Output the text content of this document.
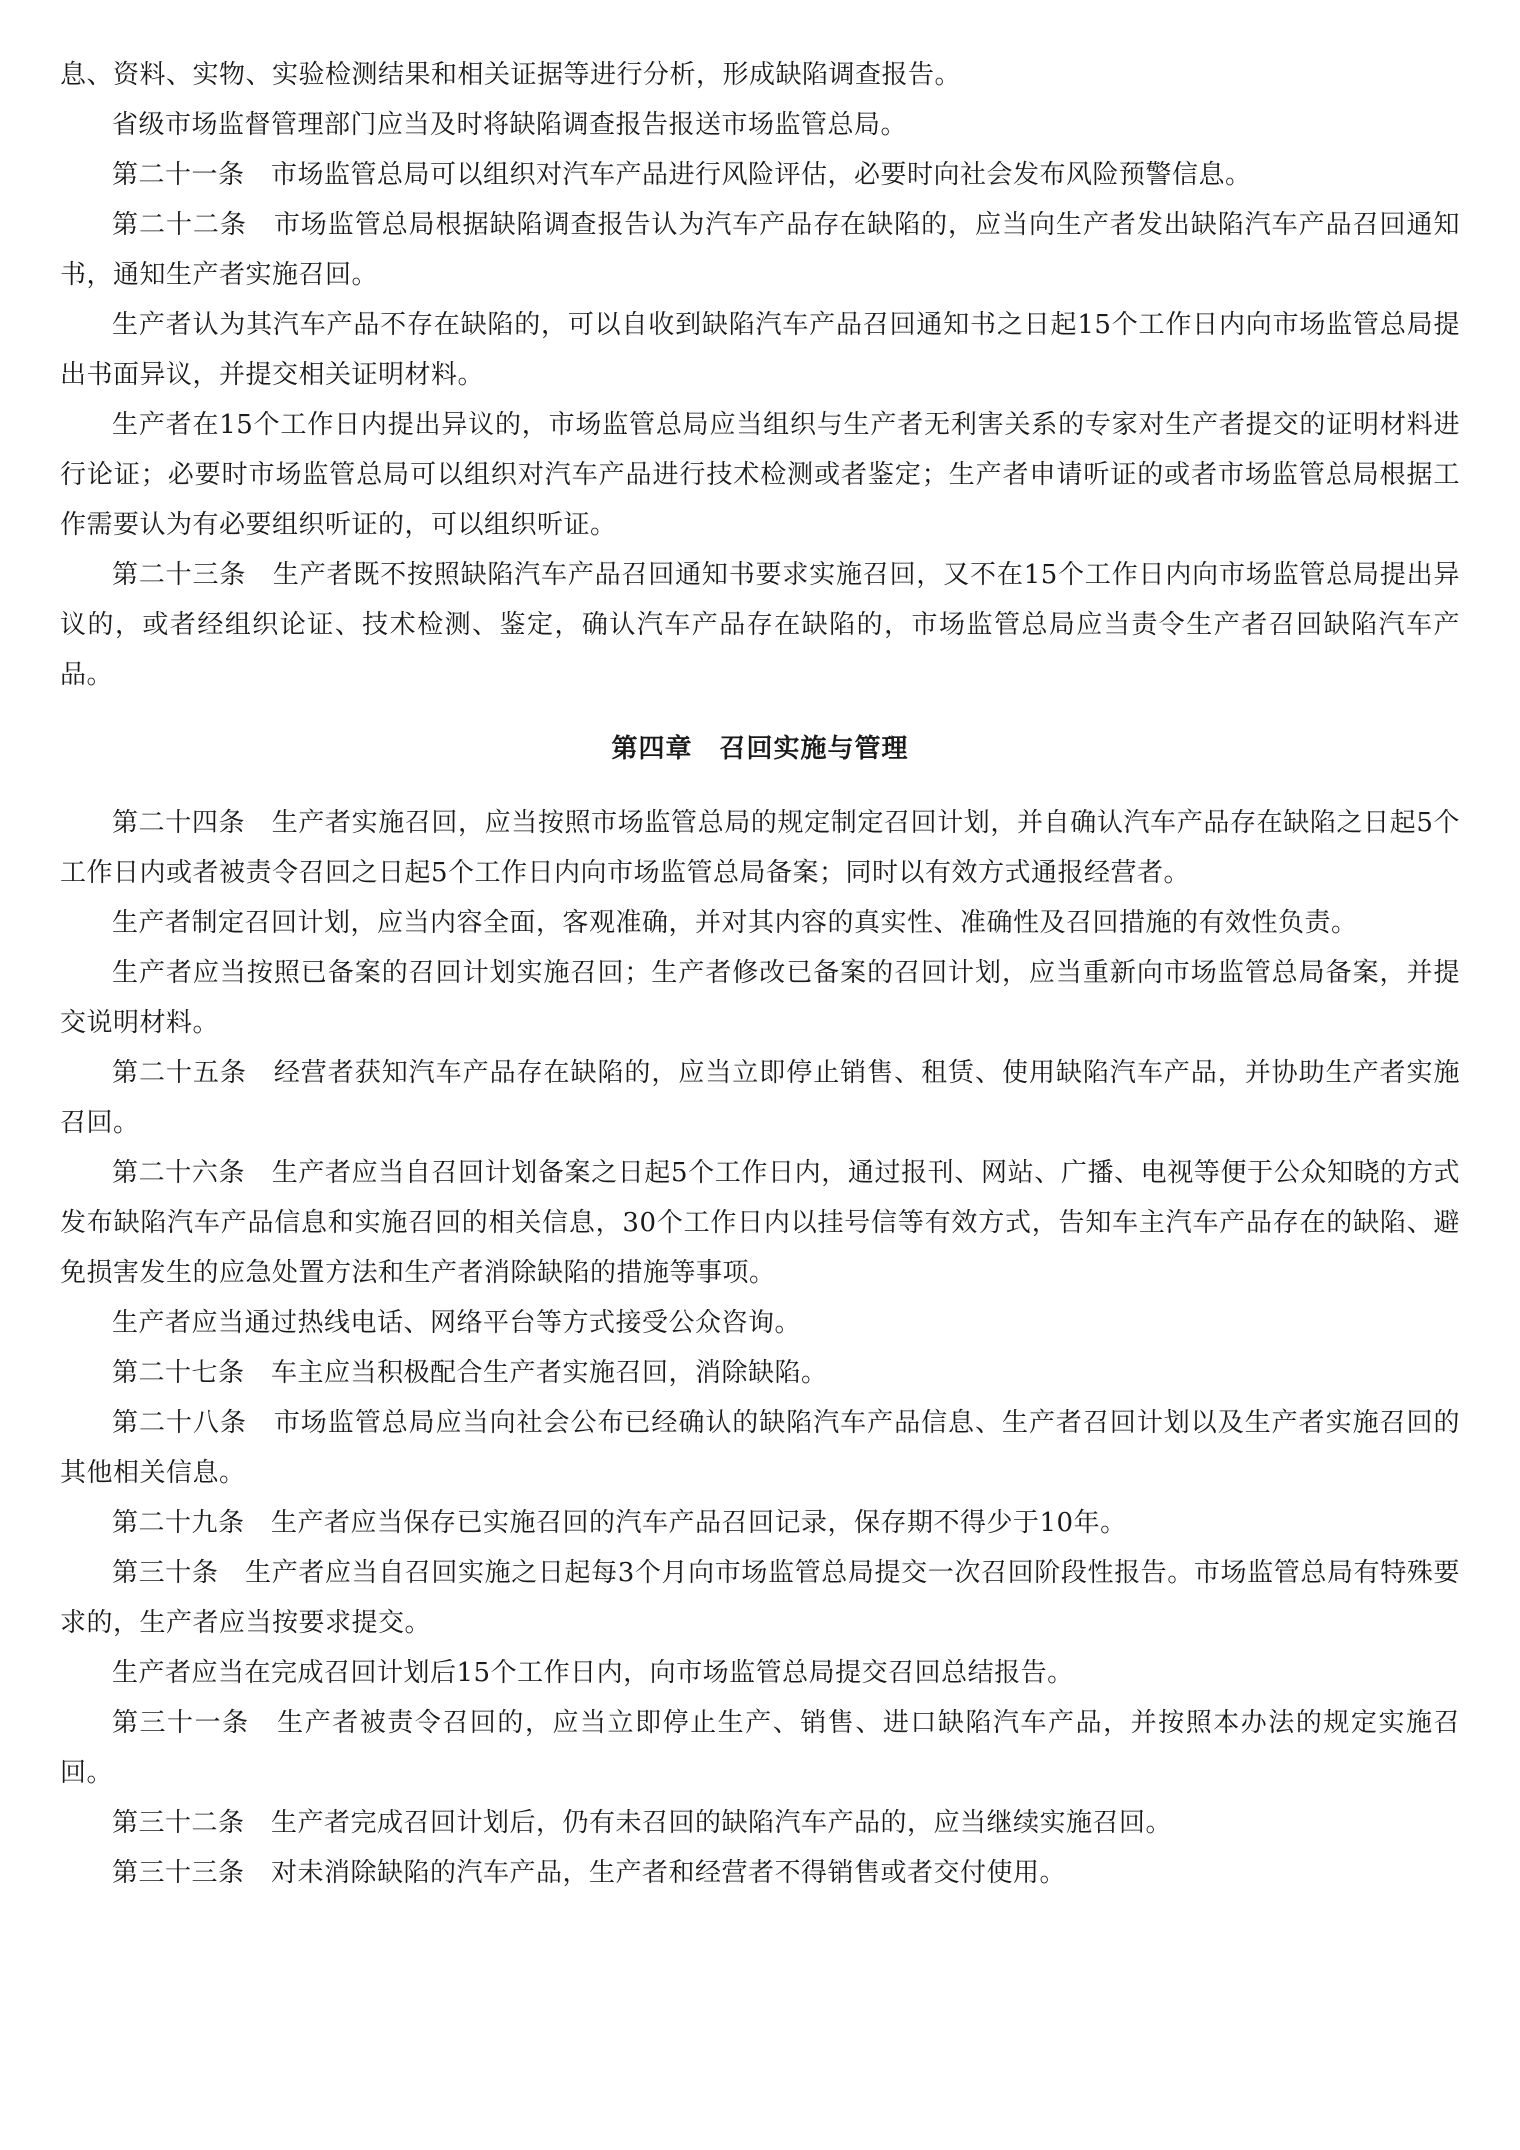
息、资料、实物、实验检测结果和相关证据等进行分析，形成缺陷调查报告。

省级市场监督管理部门应当及时将缺陷调查报告报送市场监管总局。

第二十一条　市场监管总局可以组织对汽车产品进行风险评估，必要时向社会发布风险预警信息。

第二十二条　市场监管总局根据缺陷调查报告认为汽车产品存在缺陷的，应当向生产者发出缺陷汽车产品召回通知书，通知生产者实施召回。

生产者认为其汽车产品不存在缺陷的，可以自收到缺陷汽车产品召回通知书之日起15个工作日内向市场监管总局提出书面异议，并提交相关证明材料。

生产者在15个工作日内提出异议的，市场监管总局应当组织与生产者无利害关系的专家对生产者提交的证明材料进行论证；必要时市场监管总局可以组织对汽车产品进行技术检测或者鉴定；生产者申请听证的或者市场监管总局根据工作需要认为有必要组织听证的，可以组织听证。

第二十三条　生产者既不按照缺陷汽车产品召回通知书要求实施召回，又不在15个工作日内向市场监管总局提出异议的，或者经组织论证、技术检测、鉴定，确认汽车产品存在缺陷的，市场监管总局应当责令生产者召回缺陷汽车产品。

第四章　召回实施与管理

第二十四条　生产者实施召回，应当按照市场监管总局的规定制定召回计划，并自确认汽车产品存在缺陷之日起5个工作日内或者被责令召回之日起5个工作日内向市场监管总局备案；同时以有效方式通报经营者。

生产者制定召回计划，应当内容全面，客观准确，并对其内容的真实性、准确性及召回措施的有效性负责。

生产者应当按照已备案的召回计划实施召回；生产者修改已备案的召回计划，应当重新向市场监管总局备案，并提交说明材料。

第二十五条　经营者获知汽车产品存在缺陷的，应当立即停止销售、租赁、使用缺陷汽车产品，并协助生产者实施召回。

第二十六条　生产者应当自召回计划备案之日起5个工作日内，通过报刊、网站、广播、电视等便于公众知晓的方式发布缺陷汽车产品信息和实施召回的相关信息，30个工作日内以挂号信等有效方式，告知车主汽车产品存在的缺陷、避免损害发生的应急处置方法和生产者消除缺陷的措施等事项。

生产者应当通过热线电话、网络平台等方式接受公众咨询。

第二十七条　车主应当积极配合生产者实施召回，消除缺陷。

第二十八条　市场监管总局应当向社会公布已经确认的缺陷汽车产品信息、生产者召回计划以及生产者实施召回的其他相关信息。

第二十九条　生产者应当保存已实施召回的汽车产品召回记录，保存期不得少于10年。

第三十条　生产者应当自召回实施之日起每3个月向市场监管总局提交一次召回阶段性报告。市场监管总局有特殊要求的，生产者应当按要求提交。

生产者应当在完成召回计划后15个工作日内，向市场监管总局提交召回总结报告。

第三十一条　生产者被责令召回的，应当立即停止生产、销售、进口缺陷汽车产品，并按照本办法的规定实施召回。

第三十二条　生产者完成召回计划后，仍有未召回的缺陷汽车产品的，应当继续实施召回。

第三十三条　对未消除缺陷的汽车产品，生产者和经营者不得销售或者交付使用。
